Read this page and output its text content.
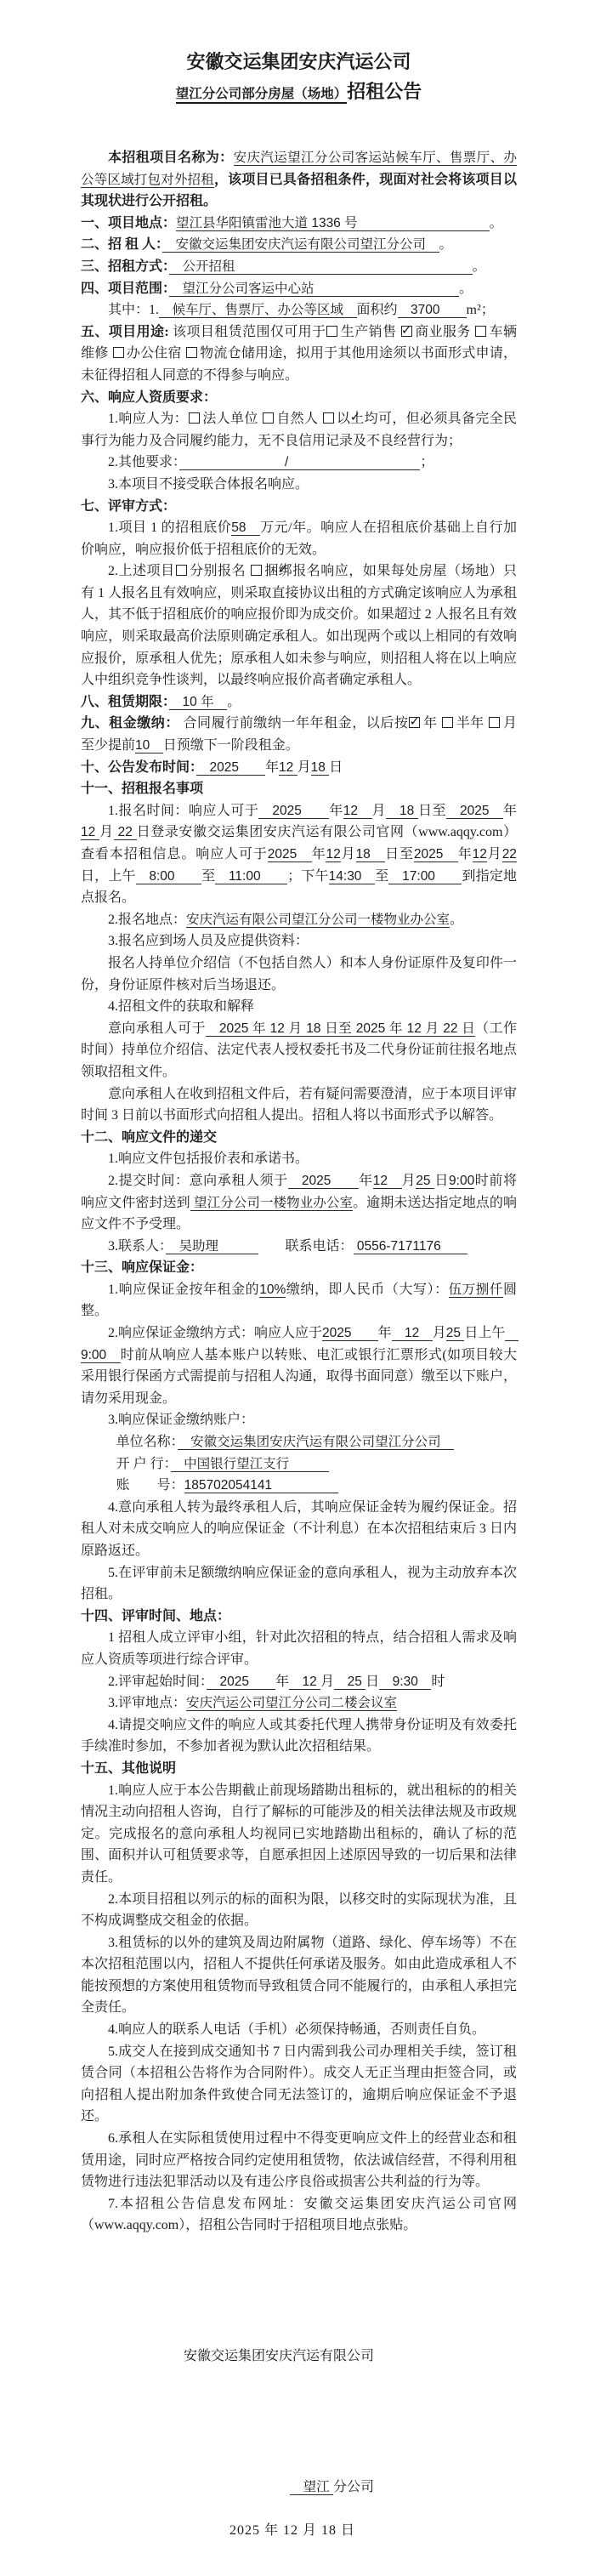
安徽交运集团安庆汽运公司
望江分公司部分房屋（场地）招租公告
本招租项目名称为：安庆汽运望江分公司客运站候车厅、售票厅、办公等区域打包对外招租，该项目已具备招租条件，现面对社会将该项目以其现状进行公开招租。
一、项目地点：望江县华阳镇雷池大道 1336 号　　　　　　　　　　。
二、招 租 人：　安徽交运集团安庆汽运有限公司望江分公司　。
三、招租方式：　公开招租　　　　　　　　　　　　　　　　　　。
四、项目范围：　望江分公司客运中心站　　　　　　　　　　　。
其中：1.　候车厅、售票厅、办公等区域　面积约　3700　　m²；
五、项目用途: 该项目租赁范围仅可用于 生产销售 ✓商业服务 车辆维修 办公住宿 物流仓储用途，拟用于其他用途须以书面形式申请，未征得招租人同意的不得参与响应。
六、响应人资质要求：
1.响应人为： 法人单位 自然人 ✓以上均可，但必须具备完全民事行为能力及合同履约能力，无不良信用记录及不良经营行为；
2.其他要求：　　　　　　　　/　　　　　　　　　　；
3.本项目不接受联合体报名响应。
七、评审方式：
1.项目 1 的招租底价58　万元/年。响应人在招租底价基础上自行加价响应，响应报价低于招租底价的无效。
2.上述项目 分别报名 ✓捆绑报名响应，如果每处房屋（场地）只有 1 人报名且有效响应，则采取直接协议出租的方式确定该响应人为承租人，其不低于招租底价的响应报价即为成交价。如果超过 2 人报名且有效响应，则采取最高价法原则确定承租人。如出现两个或以上相同的有效响应报价，原承租人优先；原承租人如未参与响应，则招租人将在以上响应人中组织竞争性谈判，以最终响应报价高者确定承租人。
八、租赁期限：　10 年　。
九、租金缴纳： 合同履行前缴纳一年年租金，以后按 ✓ 年 半年 月 至少提前10　日预缴下一阶段租金。
十、公告发布时间：　2025　　年12 月18 日
十一、招租报名事项
1.报名时间：响应人可于　2025　　年12　月　18 日至　2025　年12 月 22 日登录安徽交运集团安庆汽运有限公司官网（www.aqqy.com）查看本招租信息。响应人可于2025　年12月18　日至2025　年12月22日，上午　8:00　　至　11:00　　；下午14:30　至　17:00　　到指定地点报名。
2.报名地点：安庆汽运有限公司望江分公司一楼物业办公室。
3.报名应到场人员及应提供资料：
报名人持单位介绍信（不包括自然人）和本人身份证原件及复印件一份，身份证原件核对后当场退还。
4.招租文件的获取和解释
意向承租人可于　2025 年 12 月 18 日至 2025 年 12 月 22 日（工作时间）持单位介绍信、法定代表人授权委托书及二代身份证前往报名地点领取招租文件。
意向承租人在收到招租文件后，若有疑问需要澄清，应于本项目评审时间 3 日前以书面形式向招租人提出。招租人将以书面形式予以解答。
十二、响应文件的递交
1.响应文件包括报价表和承诺书。
2.提交时间：意向承租人须于　2025　　年12　月25 日9:00时前将响应文件密封送到 望江分公司一楼物业办公室。逾期未送达指定地点的响应文件不予受理。
3.联系人：　吴助理　　　　　联系电话： 0556-7171176　　
十三、响应保证金：
1.响应保证金按年租金的10%缴纳，即人民币（大写）：伍万捌仟圆整。
2.响应保证金缴纳方式：响应人应于2025　　年　12　月25 日上午　9:00　时前从响应人基本账户以转账、电汇或银行汇票形式(如项目较大采用银行保函方式需提前与招租人沟通，取得书面同意）缴至以下账户，请勿采用现金。
3.响应保证金缴纳账户：
单位名称：　安徽交运集团安庆汽运有限公司望江分公司　
开 户 行：　中国银行望江支行　　　
账　　号：185702054141　　　　　
4.意向承租人转为最终承租人后，其响应保证金转为履约保证金。招租人对未成交响应人的响应保证金（不计利息）在本次招租结束后 3 日内原路返还。
5.在评审前未足额缴纳响应保证金的意向承租人，视为主动放弃本次招租。
十四、评审时间、地点：
1 招租人成立评审小组，针对此次招租的特点，结合招租人需求及响应人资质等项进行综合评审。
2.评审起始时间：　2025　　年　12 月　25 日　9:30　时
3.评审地点：安庆汽运公司望江分公司二楼会议室
4.请提交响应文件的响应人或其委托代理人携带身份证明及有效委托手续准时参加，不参加者视为默认此次招租结果。
十五、其他说明
1.响应人应于本公告期截止前现场踏勘出租标的，就出租标的的相关情况主动向招租人咨询，自行了解标的可能涉及的相关法律法规及市政规定。完成报名的意向承租人均视同已实地踏勘出租标的，确认了标的范围、面积并认可租赁要求等，自愿承担因上述原因导致的一切后果和法律责任。
2.本项目招租以列示的标的面积为限，以移交时的实际现状为准，且不构成调整成交租金的依据。
3.租赁标的以外的建筑及周边附属物（道路、绿化、停车场等）不在本次招租范围以内，招租人不提供任何承诺及服务。如由此造成承租人不能按预想的方案使用租赁物而导致租赁合同不能履行的，由承租人承担完全责任。
4.响应人的联系人电话（手机）必须保持畅通，否则责任自负。
5.成交人在接到成交通知书 7 日内需到我公司办理相关手续，签订租赁合同（本招租公告将作为合同附件）。成交人无正当理由拒签合同，或向招租人提出附加条件致使合同无法签订的，逾期后响应保证金不予退还。
6.承租人在实际租赁使用过程中不得变更响应文件上的经营业态和租赁用途，同时应严格按合同约定使用租赁物，依法诚信经营，不得利用租赁物进行违法犯罪活动以及有违公序良俗或损害公共利益的行为等。
7.本招租公告信息发布网址：安徽交运集团安庆汽运公司官网（www.aqqy.com），招租公告同时于招租项目地点张贴。
安徽交运集团安庆汽运有限公司
　望江 分公司
2025 年 12 月 18 日
